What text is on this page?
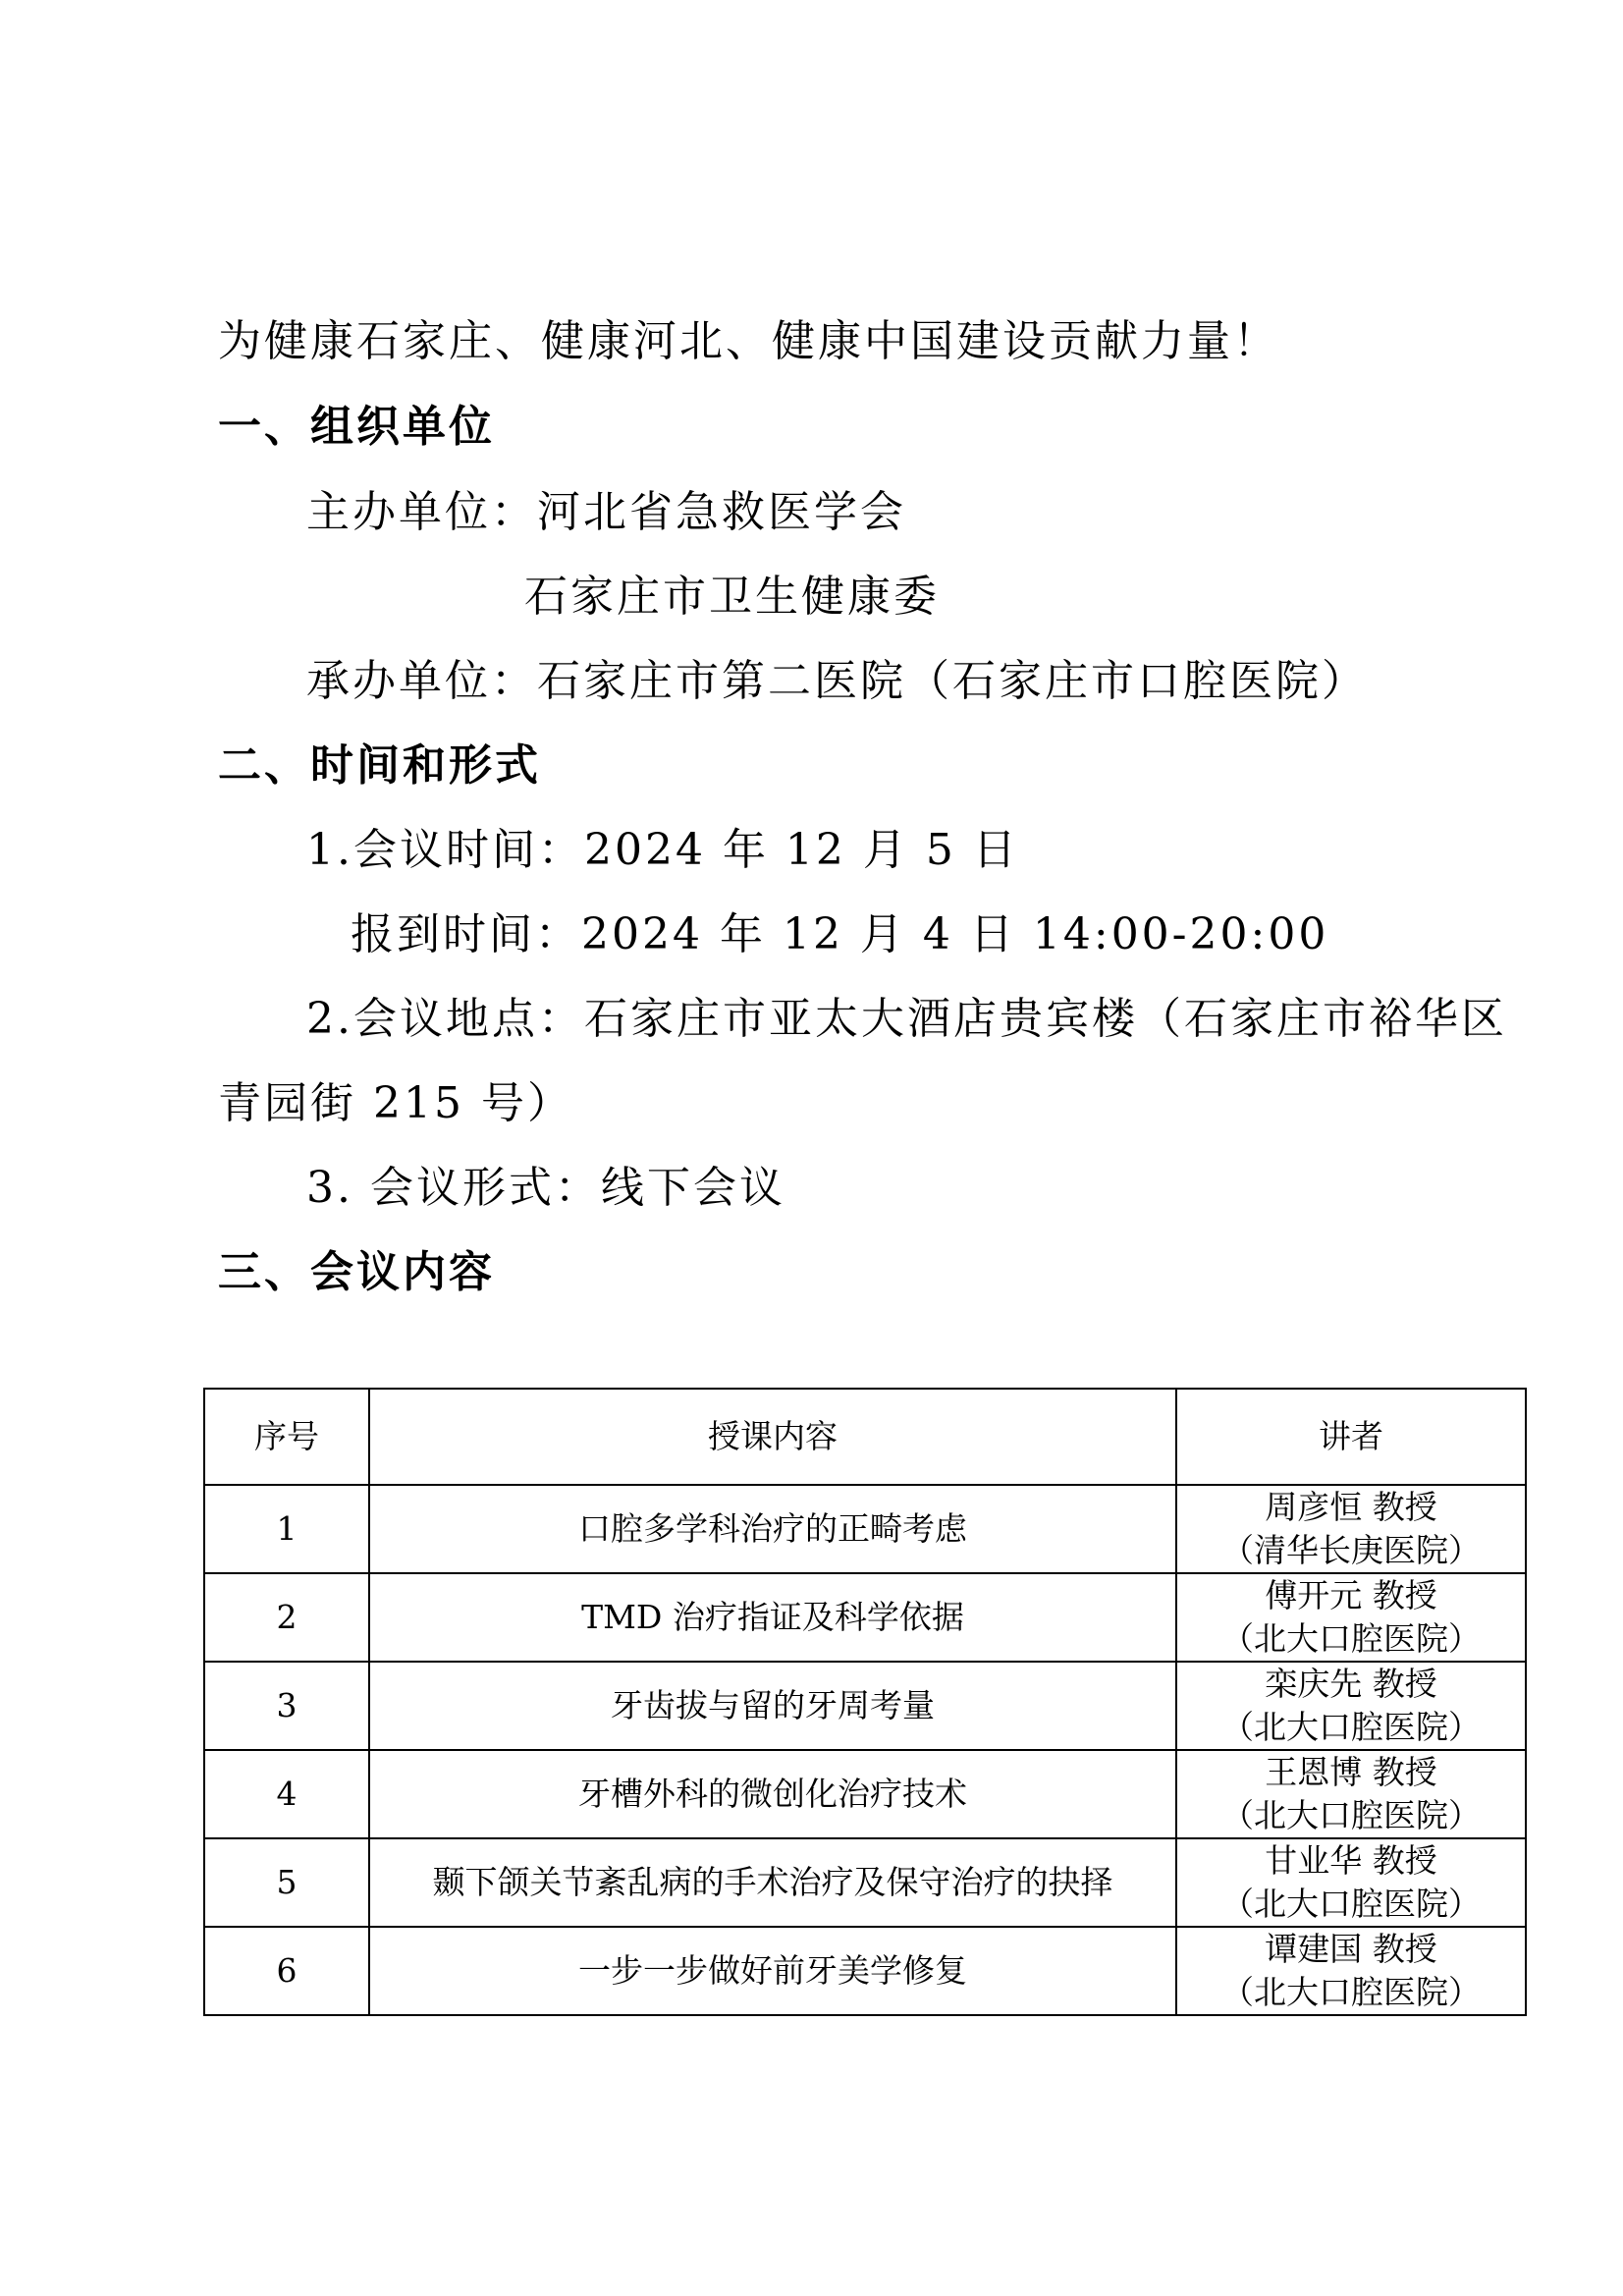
为健康石家庄、健康河北、健康中国建设贡献力量！
一、组织单位
主办单位：河北省急救医学会
石家庄市卫生健康委
承办单位：石家庄市第二医院（石家庄市口腔医院）
二、时间和形式
1.会议时间：2024 年 12 月 5 日
报到时间：2024 年 12 月 4 日 14:00-20:00
2.会议地点：石家庄市亚太大酒店贵宾楼（石家庄市裕华区
青园街 215 号）
3. 会议形式：线下会议
三、会议内容
序号	授课内容	讲者
1	口腔多学科治疗的正畸考虑	周彦恒 教授
（清华长庚医院）

2	TMD 治疗指证及科学依据	傅开元 教授
（北大口腔医院）

3	牙齿拔与留的牙周考量	栾庆先 教授
（北大口腔医院）

4	牙槽外科的微创化治疗技术	王恩博 教授
（北大口腔医院）

5	颞下颌关节紊乱病的手术治疗及保守治疗的抉择	甘业华 教授
（北大口腔医院）

6	一步一步做好前牙美学修复	谭建国 教授
（北大口腔医院）
